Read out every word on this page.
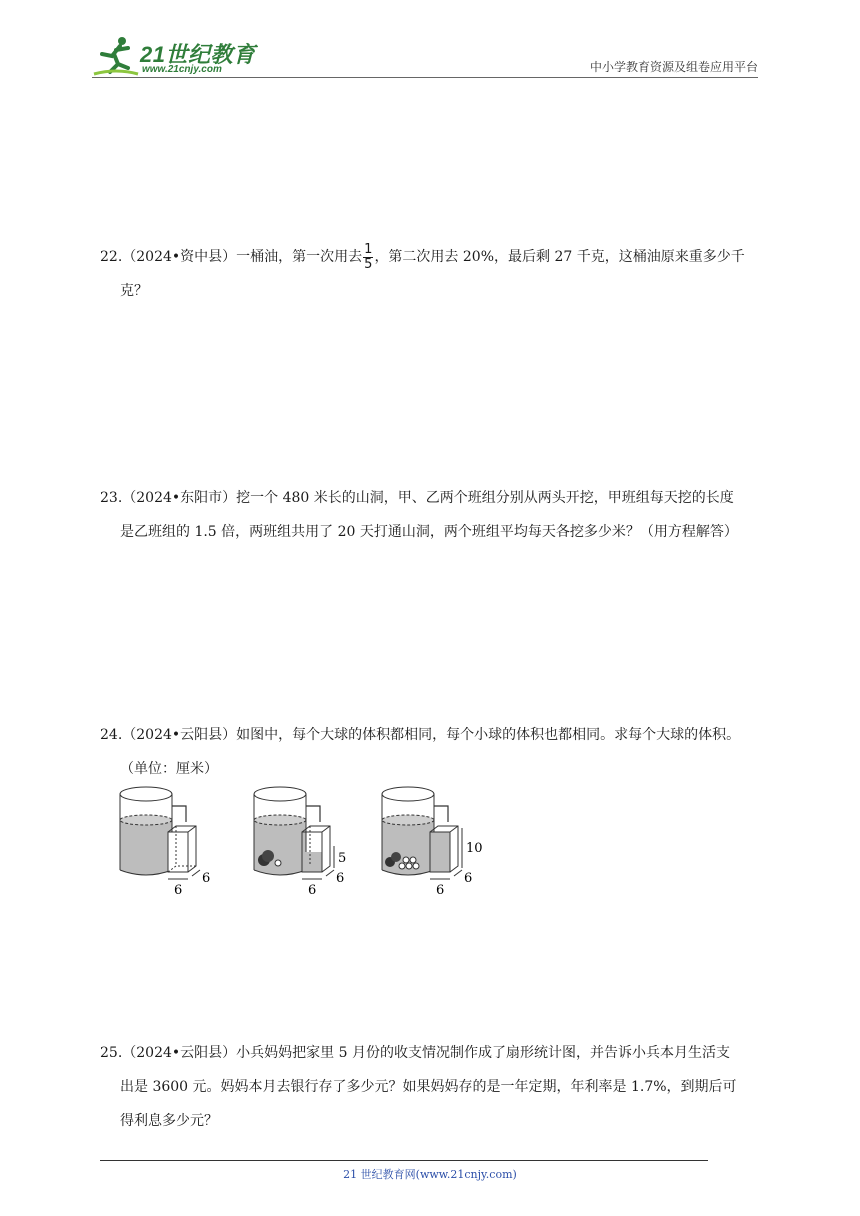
21世纪教育
www.21cnjy.com	中小学教育资源及组卷应用平台
22.（2024•资中县）一桶油，第一次用去 $\frac{1}{5}$ ，第二次用去 20%，最后剩 27 千克，这桶油原来重多少千
克？
23.（2024•东阳市）挖一个 480 米长的山洞，甲、乙两个班组分别从两头开挖，甲班组每天挖的长度
是乙班组的 1.5 倍，两班组共用了 20 天打通山洞，两个班组平均每天各挖多少米？（用方程解答）
24.（2024•云阳县）如图中，每个大球的体积都相同，每个小球的体积也都相同。求每个大球的体积。
（单位：厘米）
6
6
5
6
6
10
6
6
25.（2024•云阳县）小兵妈妈把家里 5 月份的收支情况制作成了扇形统计图，并告诉小兵本月生活支
出是 3600 元。妈妈本月去银行存了多少元？如果妈妈存的是一年定期，年利率是 1.7%，到期后可
得利息多少元？
21 世纪教育网(www.21cnjy.com)
